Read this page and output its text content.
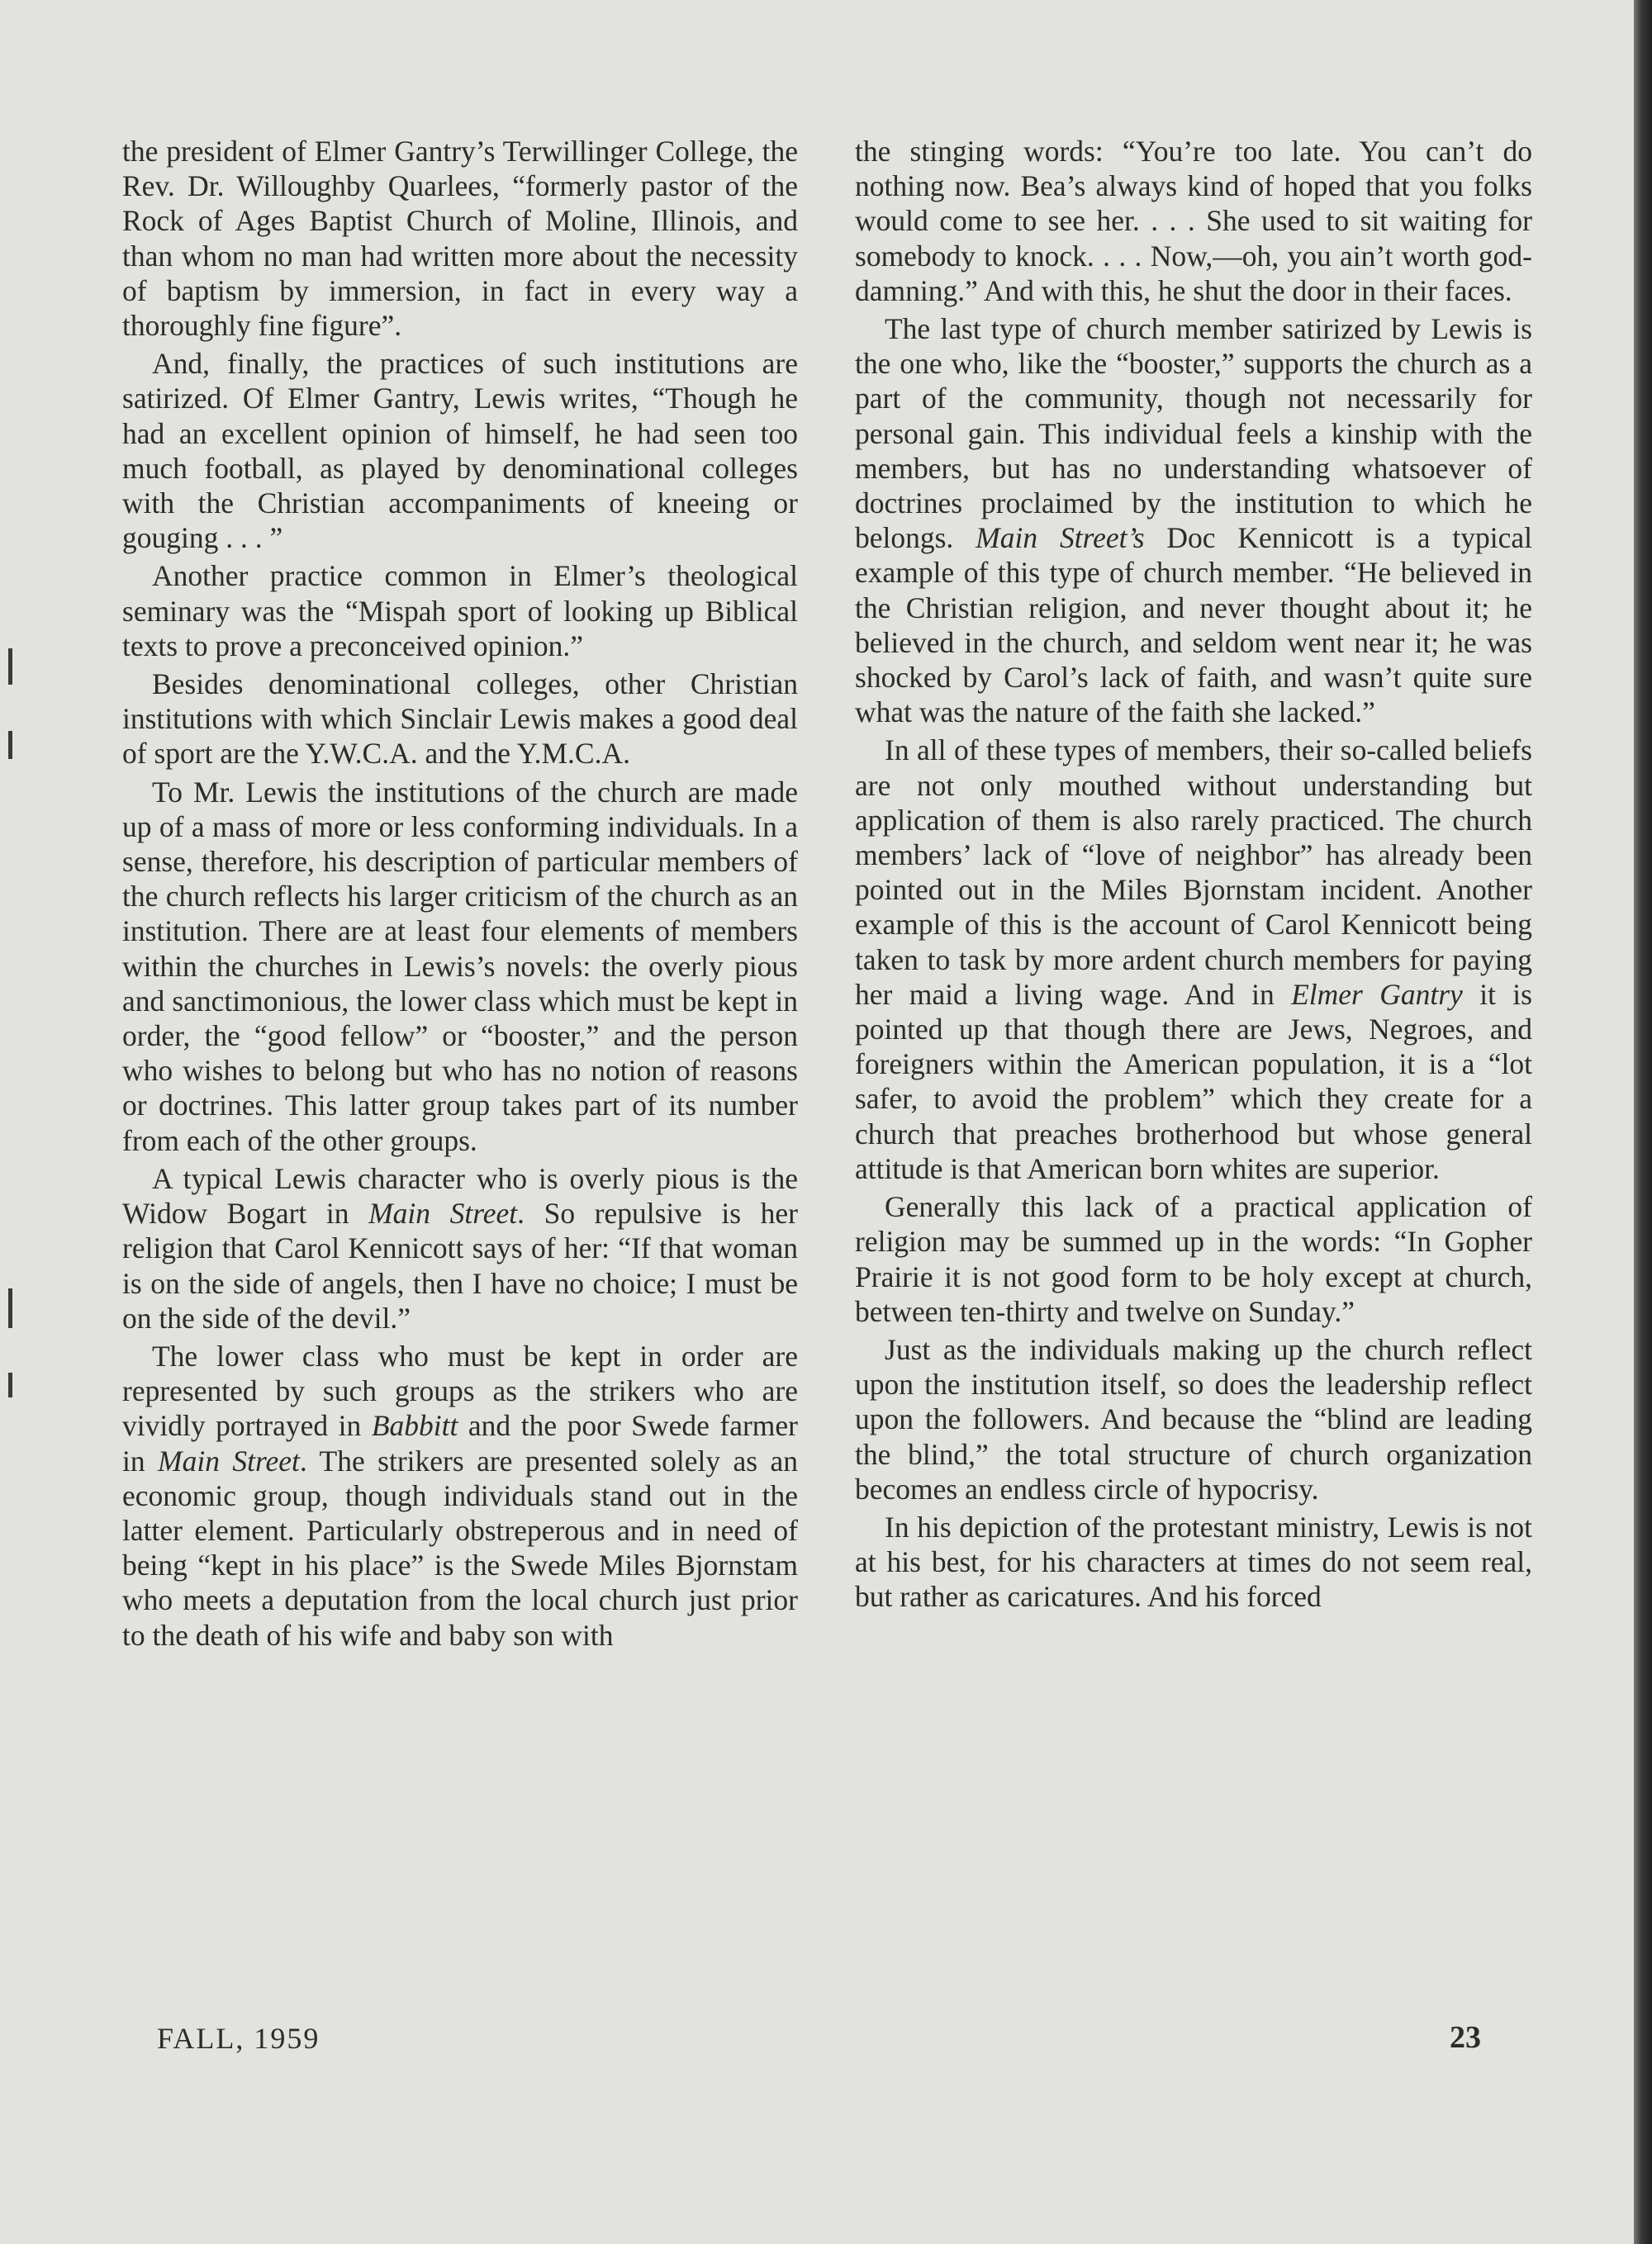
the president of Elmer Gantry’s Terwillinger College, the Rev. Dr. Willoughby Quarlees, “formerly pastor of the Rock of Ages Baptist Church of Moline, Illinois, and than whom no man had written more about the necessity of baptism by immersion, in fact in every way a thoroughly fine figure”.

And, finally, the practices of such institutions are satirized. Of Elmer Gantry, Lewis writes, “Though he had an excellent opinion of himself, he had seen too much football, as played by denominational colleges with the Christian accompaniments of kneeing or gouging . . . ”

Another practice common in Elmer’s theological seminary was the “Mispah sport of looking up Biblical texts to prove a preconceived opinion.”

Besides denominational colleges, other Christian institutions with which Sinclair Lewis makes a good deal of sport are the Y.W.C.A. and the Y.M.C.A.

To Mr. Lewis the institutions of the church are made up of a mass of more or less conforming individuals. In a sense, therefore, his description of particular members of the church reflects his larger criticism of the church as an institution. There are at least four elements of members within the churches in Lewis’s novels: the overly pious and sanctimonious, the lower class which must be kept in order, the “good fellow” or “booster,” and the person who wishes to belong but who has no notion of reasons or doctrines. This latter group takes part of its number from each of the other groups.

A typical Lewis character who is overly pious is the Widow Bogart in Main Street. So repulsive is her religion that Carol Kennicott says of her: “If that woman is on the side of angels, then I have no choice; I must be on the side of the devil.”

The lower class who must be kept in order are represented by such groups as the strikers who are vividly portrayed in Babbitt and the poor Swede farmer in Main Street. The strikers are presented solely as an economic group, though individuals stand out in the latter element. Particularly obstreperous and in need of being “kept in his place” is the Swede Miles Bjornstam who meets a deputation from the local church just prior to the death of his wife and baby son with

the stinging words: “You’re too late. You can’t do nothing now. Bea’s always kind of hoped that you folks would come to see her. . . . She used to sit waiting for somebody to knock. . . . Now,—oh, you ain’t worth god-damning.” And with this, he shut the door in their faces.

The last type of church member satirized by Lewis is the one who, like the “booster,” supports the church as a part of the community, though not necessarily for personal gain. This individual feels a kinship with the members, but has no understanding whatsoever of doctrines proclaimed by the institution to which he belongs. Main Street’s Doc Kennicott is a typical example of this type of church member. “He believed in the Christian religion, and never thought about it; he believed in the church, and seldom went near it; he was shocked by Carol’s lack of faith, and wasn’t quite sure what was the nature of the faith she lacked.”

In all of these types of members, their so-called beliefs are not only mouthed without understanding but application of them is also rarely practiced. The church members’ lack of “love of neighbor” has already been pointed out in the Miles Bjornstam incident. Another example of this is the account of Carol Kennicott being taken to task by more ardent church members for paying her maid a living wage. And in Elmer Gantry it is pointed up that though there are Jews, Negroes, and foreigners within the American population, it is a “lot safer, to avoid the problem” which they create for a church that preaches brotherhood but whose general attitude is that American born whites are superior.

Generally this lack of a practical application of religion may be summed up in the words: “In Gopher Prairie it is not good form to be holy except at church, between ten-thirty and twelve on Sunday.”

Just as the individuals making up the church reflect upon the institution itself, so does the leadership reflect upon the followers. And because the “blind are leading the blind,” the total structure of church organization becomes an endless circle of hypocrisy.

In his depiction of the protestant ministry, Lewis is not at his best, for his characters at times do not seem real, but rather as caricatures. And his forced

FALL, 1959	23
